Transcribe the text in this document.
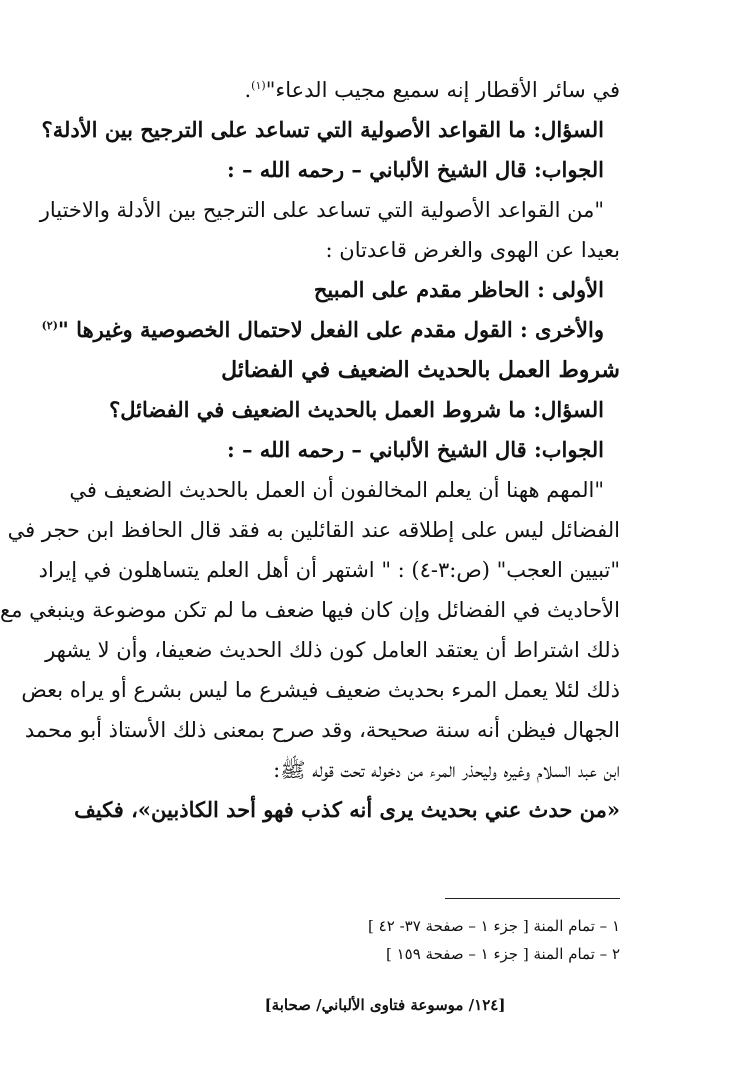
في سائر الأقطار إنه سميع مجيب الدعاء"$^{(١)}$.
السؤال: ما القواعد الأصولية التي تساعد على الترجيح بين الأدلة؟
الجواب: قال الشيخ الألباني – رحمه الله – :
"من القواعد الأصولية التي تساعد على الترجيح بين الأدلة والاختيار
بعيدا عن الهوى والغرض قاعدتان :
الأولى : الحاظر مقدم على المبيح
والأخرى : القول مقدم على الفعل لاحتمال الخصوصية وغيرها "$^{(٢)}$
شروط العمل بالحديث الضعيف في الفضائل
السؤال: ما شروط العمل بالحديث الضعيف في الفضائل؟
الجواب: قال الشيخ الألباني – رحمه الله – :
"المهم ههنا أن يعلم المخالفون أن العمل بالحديث الضعيف في
الفضائل ليس على إطلاقه عند القائلين به فقد قال الحافظ ابن حجر في
"تبيين العجب" (ص:٣-٤) : " اشتهر أن أهل العلم يتساهلون في إيراد
الأحاديث في الفضائل وإن كان فيها ضعف ما لم تكن موضوعة وينبغي مع
ذلك اشتراط أن يعتقد العامل كون ذلك الحديث ضعيفا، وأن لا يشهر
ذلك لئلا يعمل المرء بحديث ضعيف فيشرع ما ليس بشرع أو يراه بعض
الجهال فيظن أنه سنة صحيحة، وقد صرح بمعنى ذلك الأستاذ أبو محمد
ابن عبد السلام وغيره وليحذر المرء من دخوله تحت قوله ﷺ:
«من حدث عني بحديث يرى أنه كذب فهو أحد الكاذبين»، فكيف
١ – تمام المنة [ جزء ١ – صفحة ٣٧- ٤٢ ]
٢ – تمام المنة [ جزء ١ – صفحة ١٥٩ ]
[١٢٤/ موسوعة فتاوى الألباني/ صحابة]
